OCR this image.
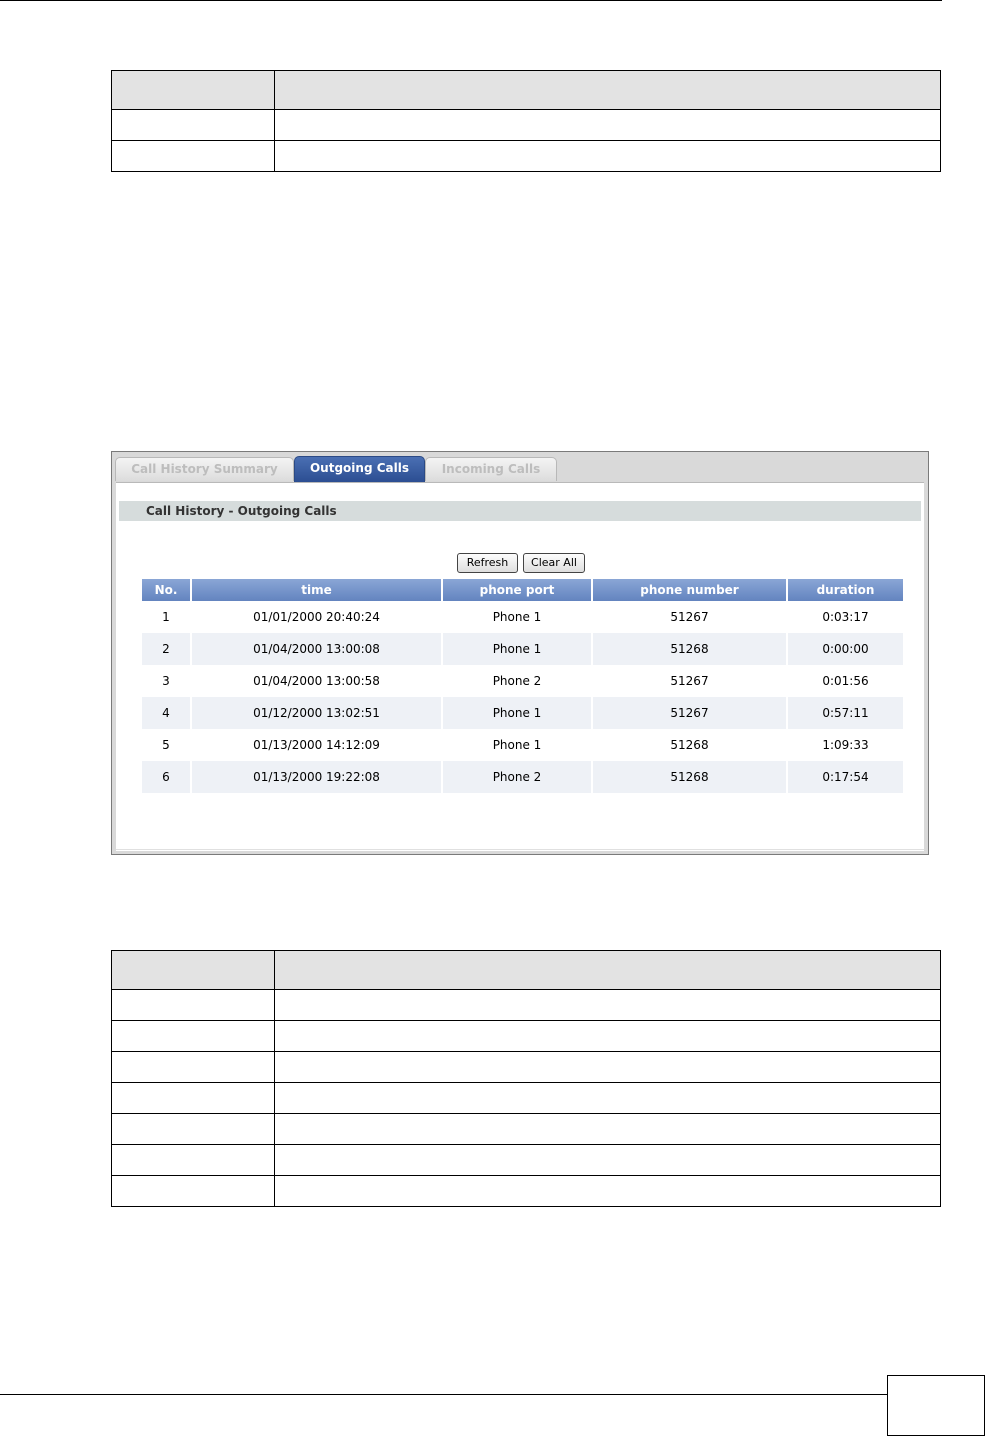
Call History Summary	Outgoing Calls	Incoming Calls
Call History - Outgoing Calls
Refresh	Clear All
No.	time	phone port	phone number	duration
1	01/01/2000 20:40:24	Phone 1	51267	0:03:17
2	01/04/2000 13:00:08	Phone 1	51268	0:00:00
3	01/04/2000 13:00:58	Phone 2	51267	0:01:56
4	01/12/2000 13:02:51	Phone 1	51267	0:57:11
5	01/13/2000 14:12:09	Phone 1	51268	1:09:33
6	01/13/2000 19:22:08	Phone 2	51268	0:17:54
